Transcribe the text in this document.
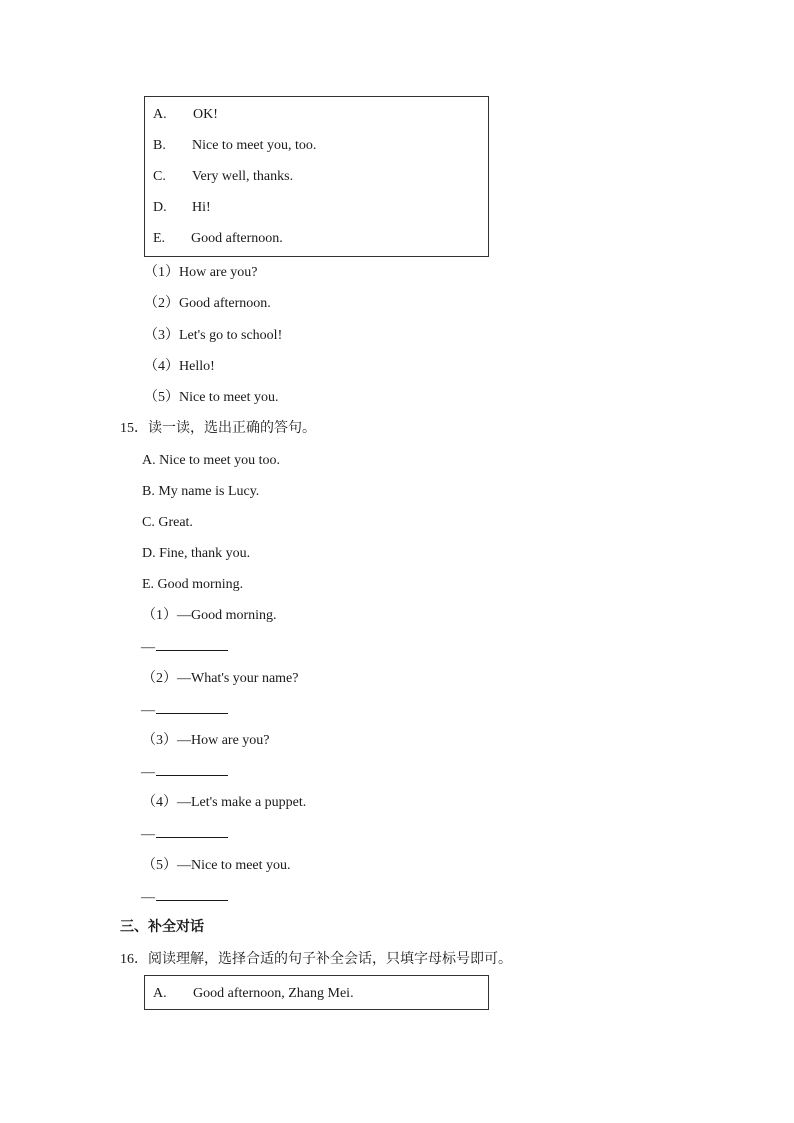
A. OK!
B. Nice to meet you, too.
C. Very well, thanks.
D. Hi!
E. Good afternoon.
（1）How are you?
（2）Good afternoon.
（3）Let's go to school!
（4）Hello!
（5）Nice to meet you.
15．读一读，选出正确的答句。
A. Nice to meet you too.
B. My name is Lucy.
C. Great.
D. Fine, thank you.
E. Good morning.
（1）—Good morning.
—
（2）—What's your name?
—
（3）—How are you?
—
（4）—Let's make a puppet.
—
（5）—Nice to meet you.
—
三、补全对话
16．阅读理解，选择合适的句子补全会话，只填字母标号即可。
A. Good afternoon, Zhang Mei.
